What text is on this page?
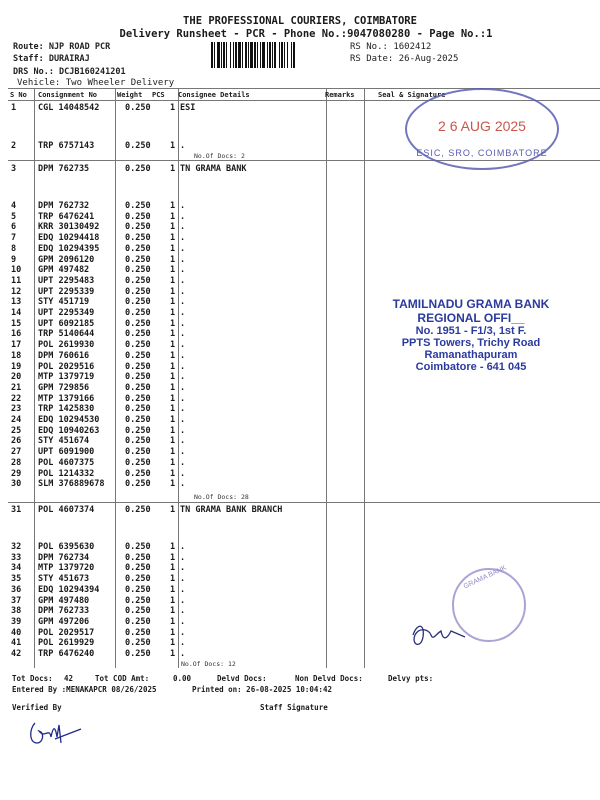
THE PROFESSIONAL COURIERS, COIMBATORE
Delivery Runsheet - PCR - Phone No.:9047080280 - Page No.:1
Route: NJP ROAD PCR
Staff: DURAIRAJ
DRS No.: DCJB160241201
Vehicle: Two Wheeler Delivery
RS No.: 1602412
RS Date: 26-Aug-2025
S No Consignment No	Weight PCS Consignee Details	Remarks	Seal & Signature
1	CGL 14048542	0.250 1 ESI
2	TRP 6757143	0.250 1 .
3	DPM 762735	0.250 1 TN GRAMA BANK
4	DPM 762732	0.250 1 .
5	TRP 6476241	0.250 1 .
6	KRR 30130492	0.250 1 .
7	EDQ 10294418	0.250 1 .
8	EDQ 10294395	0.250 1 .
9	GPM 2096120	0.250 1 .
10 GPM 497482	0.250 1 .
11 UPT 2295483	0.250 1 .
12 UPT 2295339	0.250 1 .
13 STY 451719	0.250 1 .
14 UPT 2295349	0.250 1 .
15 UPT 6092185	0.250 1 .
16 TRP 5140644	0.250 1 .
17 POL 2619930	0.250 1 .
18 DPM 760616	0.250 1 .
19 POL 2029516	0.250 1 .
20 MTP 1379719	0.250 1 .
21 GPM 729856	0.250 1 .
22 MTP 1379166	0.250 1 .
23 TRP 1425830	0.250 1 .
24 EDQ 10294530	0.250 1 .
25 EDQ 10940263	0.250 1 .
26 STY 451674	0.250 1 .
27 UPT 6091900	0.250 1 .
28 POL 4607375	0.250 1 .
29 POL 1214332	0.250 1 .
30 SLM 376889678 0.250 1 .
31 POL 4607374	0.250 1 TN GRAMA BANK BRANCH
32 POL 6395630	0.250 1 .
33 DPM 762734	0.250 1 .
34 MTP 1379720	0.250 1 .
35 STY 451673	0.250 1 .
36 EDQ 10294394	0.250 1 .
37 GPM 497480	0.250 1 .
38 DPM 762733	0.250 1 .
39 GPM 497206	0.250 1 .
40 POL 2029517	0.250 1 .
41 POL 2619929	0.250 1 .
42 TRP 6476240	0.250 1 .
No.Of Docs: 2
No.Of Docs: 28
No.Of Docs: 12
2 6 AUG 2025
ESIC, SRO, COIMBATORE
TAMILNADU GRAMA BANK
REGIONAL OFFI__
No. 1951 - F1/3, 1st F.
PPTS Towers, Trichy Road
Ramanathapuram
Coimbatore - 641 045
GRAMA BANK
Tot Docs: 42	Tot COD Amt:	0.00	Delvd Docs:	Non Delvd Docs:	Delvy pts:
Entered By :MENAKAPCR 08/26/2025	Printed on: 26-08-2025 10:04:42
Verified By	Staff Signature
